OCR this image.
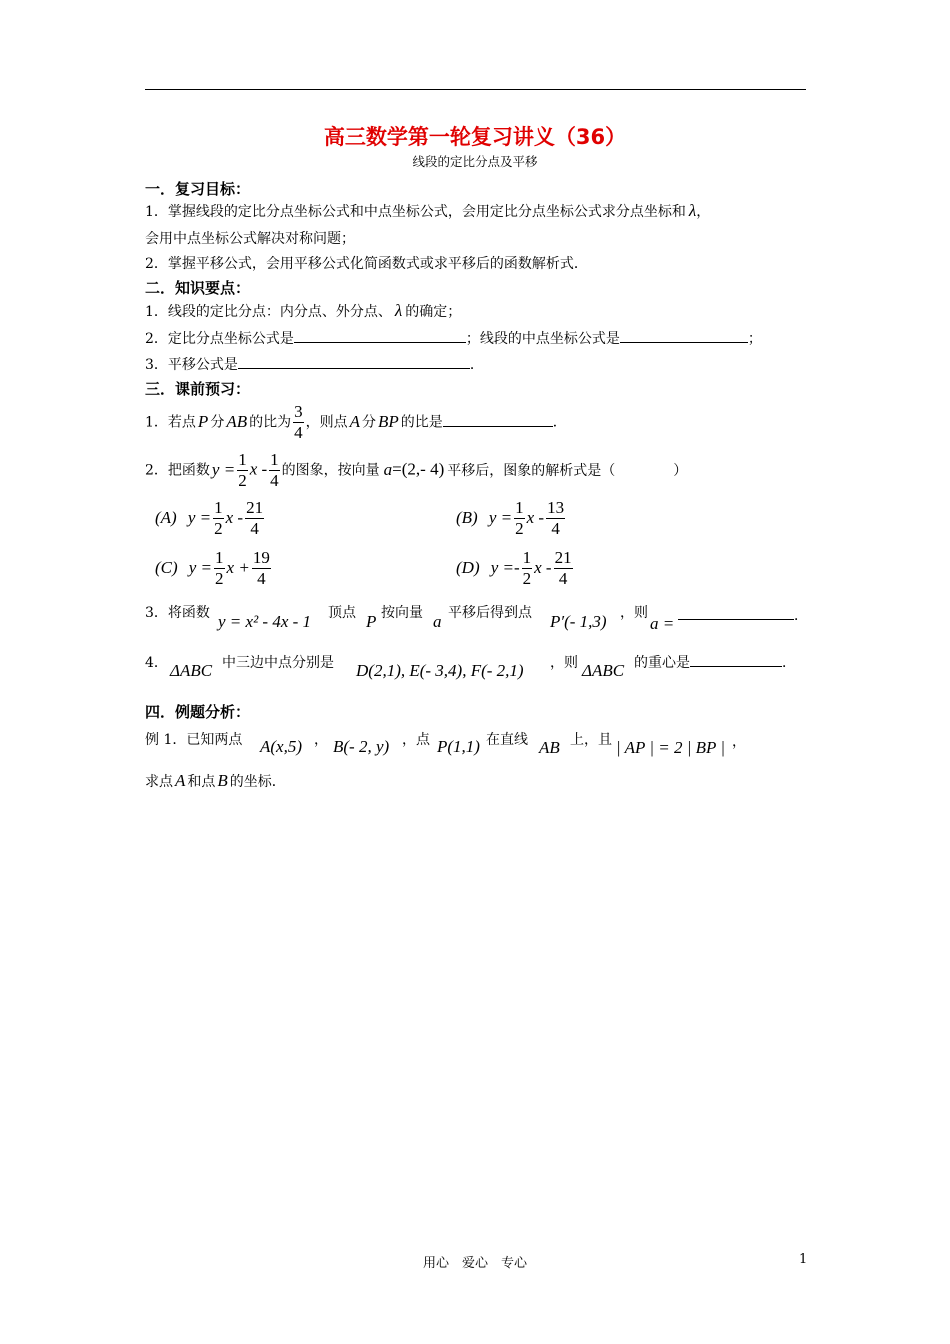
高三数学第一轮复习讲义（36）
线段的定比分点及平移
一．复习目标：
1．掌握线段的定比分点坐标公式和中点坐标公式，会用定比分点坐标公式求分点坐标和 λ，
会用中点坐标公式解决对称问题；
2．掌握平移公式，会用平移公式化简函数式或求平移后的函数解析式．
二．知识要点：
1．线段的定比分点：内分点、外分点、 λ 的确定；
2．定比分点坐标公式是	；线段的中点坐标公式是	；
3．平移公式是	．
三．课前预习：
1．若点 P 分 AB 的比为 $\frac{3}{4}$ ，则点 A 分 BP 的比是	．
2．把函数 $y = \frac{1}{2}$ x - $\frac{1}{4}$ 的图象，按向量 a=(2,- 4) 平移后，图象的解析式是（	）
(A) $y = \frac{1}{2}$ x - $\frac{21}{4}$	(B) $y = \frac{1}{2}$ x - $\frac{13}{4}$
(C) $y = \frac{1}{2}$ $x + \frac{19}{4}$	(D) $y =- \frac{1}{2}$ x - $\frac{21}{4}$
3．将函数 y = x² - 4x - 1 顶点 P 按向量 a 平移后得到点 P′(- 1,3) ，则
a =	．
4． ΔABC 中三边中点分别是 D(2,1), E(- 3,4), F(- 2,1) ，则 ΔABC 的重心是	．
四．例题分析：
例 1．已知两点 A(x,5) ， B(- 2, y) ，点 P(1,1) 在直线 AB 上，且 | AP | = 2 | BP | ，
求点 A 和点 B 的坐标．
用心　爱心　专心	1
